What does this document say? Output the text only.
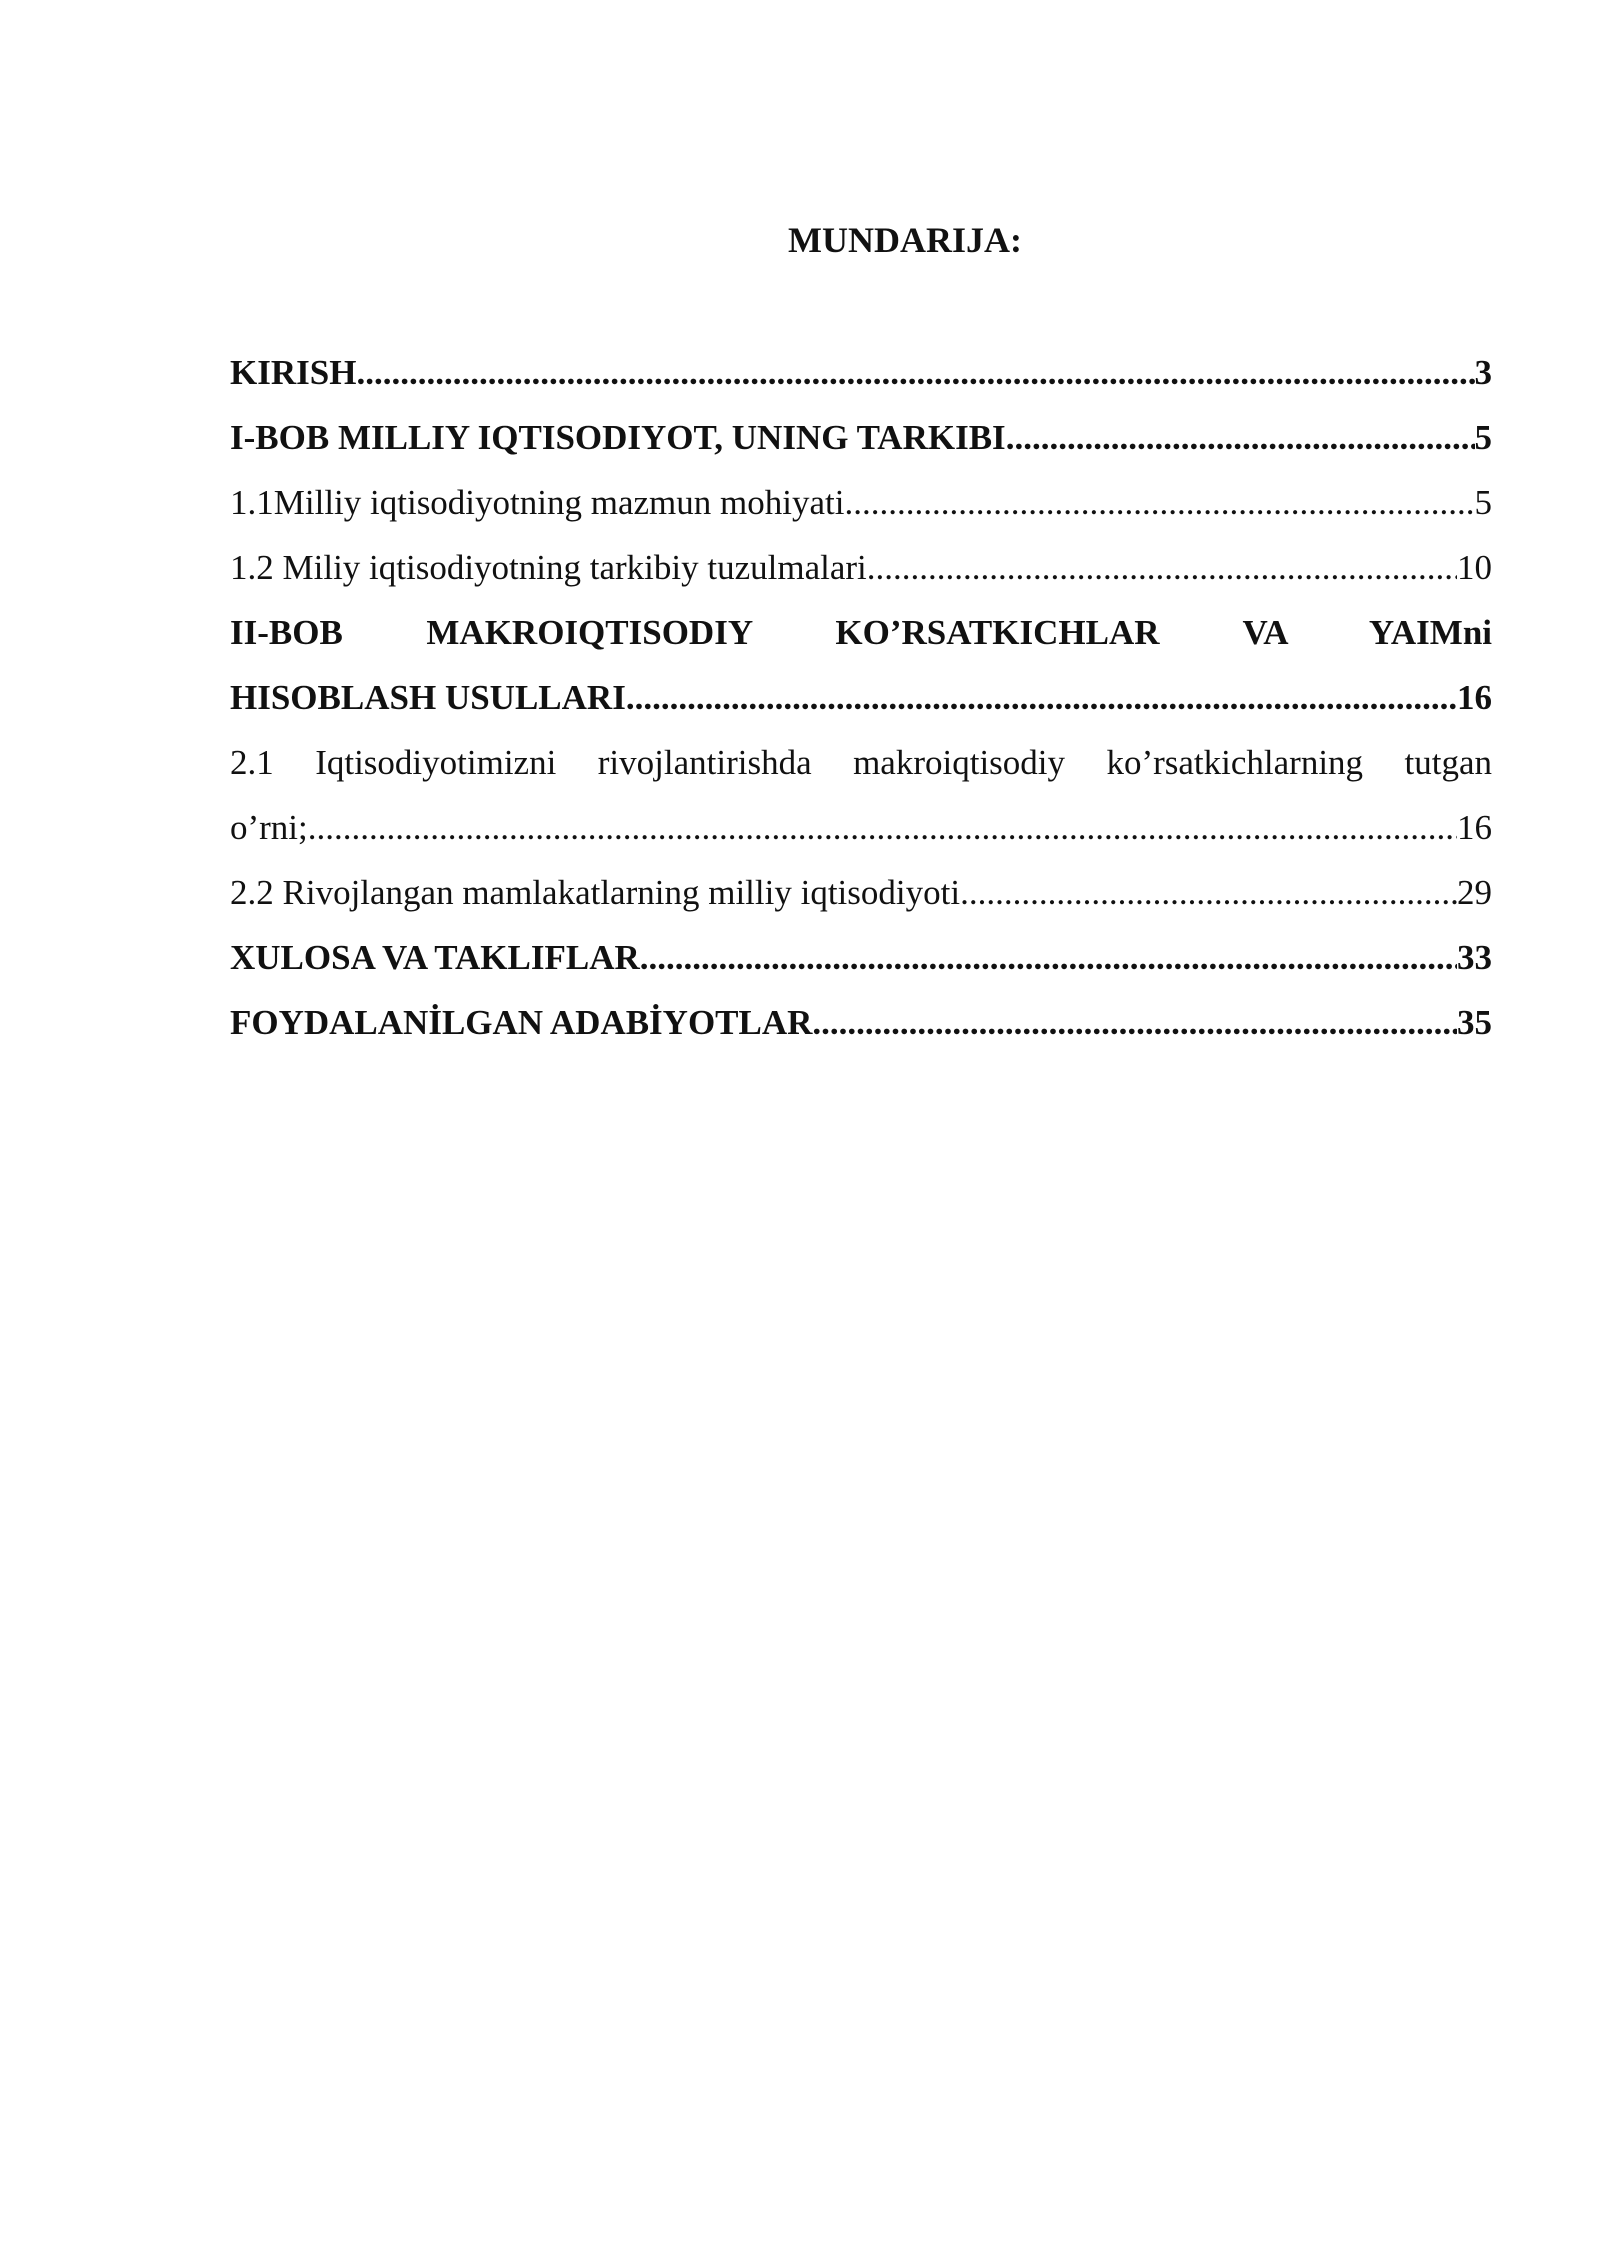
MUNDARIJA:
KIRISH .....	3
I-BOB MILLIY IQTISODIYOT, UNING TARKIBI .....	5
1.1Milliy iqtisodiyotning mazmun mohiyati .....	5
1.2 Miliy iqtisodiyotning tarkibiy tuzulmalari .....	10
II-BOB MAKROIQTISODIY KO’RSATKICHLAR VA YAIMni
HISOBLASH USULLARI .....	16
2.1 Iqtisodiyotimizni rivojlantirishda makroiqtisodiy ko’rsatkichlarning tutgan
o’rni; .....	16
2.2 Rivojlangan mamlakatlarning milliy iqtisodiyoti .....	29
XULOSA VA TAKLIFLAR .....	33
FOYDALANİLGAN ADABİYOTLAR .....	35
